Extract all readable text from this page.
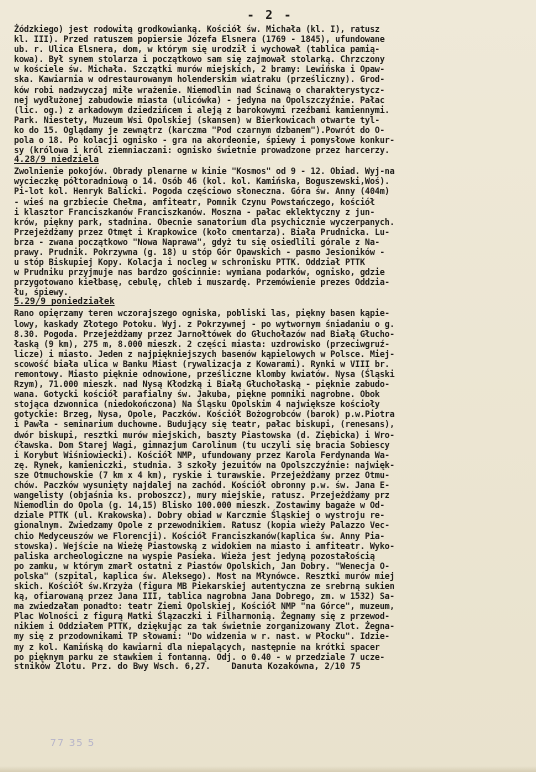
- 2 -

Żódzkiego) jest rodowitą grodkowianką. Kościół św. Michała (kl. I), ratusz
kl. III). Przed ratuszem popiersie Józefa Elsnera (1769 - 1845), ufundowane
ub. r. Ulica Elsnera, dom, w którym się urodził i wychował (tablica pamią-
kowa). Był synem stolarza i początkowo sam się zajmował stolarką. Chrzczony
w kościele św. Michała. Szczątki murów miejskich, 2 bramy: Lewińska i Opaw-
ska. Kawiarnia w odrestaurowanym holenderskim wiatraku (prześliczny). Grod-
ków robi nadzwyczaj miłe wrażenie. Niemodlin nad Ścinawą o charakterystycz-
nej wydłużonej zabudowie miasta (ulicówka) - jedyna na Opolszczyźnie. Pałac
(lic. og.) z arkadowym dziedzińcem i aleją z barokowymi rzeźbami kamiennymi.
Park. Niestety, Muzeum Wsi Opolskiej (skansen) w Bierkowicach otwarte tyl-
ko do 15. Oglądamy je zewnątrz (karczma "Pod czarnym dzbanem").Powrót do O-
pola o 18. Po kolacji ognisko - gra na akordeonie, śpiewy i pomysłowe konkur-
sy (królowa i król ziemniaczani: ognisko świetnie prowadzone przez harcerzy.

4.28/9 niedziela

Zwolnienie pokojów. Obrady plenarne w kinie "Kosmos" od 9 - 12. Obiad. Wyj-na
wycieczkę półtoradniową o 14. Osób 46 (kol. kol. Kamińska, Boguszewski,Woś).
Pi-lot kol. Henryk Balicki. Pogoda częściowo słoneczna. Góra św. Anny (404m)
- wieś na grzbiecie Chełma, amfiteatr, Pomnik Czynu Powstańczego, kościół
i klasztor Franciszkanów Franciszkanów. Mosznа - pałac eklektyczny z jun-
krów, piękny park, stadnina. Obecnie sanatorium dla psychicznie wyczerpanych.
Przejeżdżamy przez Otmęt i Krapkowice (koło cmentarza). Biała Prudnicka. Lu-
brza - zwana początkowo "Nowa Naprawa", gdyż tu się osiedlili górale z Na-
prawy. Prudnik. Pokrzywna (g. 18) u stóp Gór Opawskich - pasmo Jesioników -
u stóp Biskupiej Kopy. Kolacja i nocleg w schronisku PTTK. Oddział PTTK
w Prudniku przyjmuje nas bardzo gościnnie: wymiana podarków, ognisko, gdzie
przygotowano kiełbasę, cebulę, chleb i muszardę. Przemówienie prezes Oddzia-
łu, śpiewy.

5.29/9 poniedziałek

Rano opięrzamy teren wczorajszego ogniska, pobliski las, piękny basen kąpie-
lowy, kaskady Złotego Potoku. Wyj. z Pokrzywnej - po wytwornym śniadaniu o g.
8.30. Pogoda. Przejeżdżamy przez Jarnołtówek do Głuchołazów nad Białą Głucho-
łaską (9 km), 275 m, 8.000 mieszk. 2 części miasta: uzdrowisko (przeciwgruź-
licze) i miasto. Jeden z najpiękniejszych basenów kąpielowych w Polsce. Miej-
scowość biała ulica w Banku Miast (rywalizacja z Kowarami). Rynki w VIII br.
remontowy. Miasto pięknie odnowione, prześliczne klomby kwiatów. Nysa (Śląski
Rzym), 71.000 mieszk. nad Nysą Kłodzką i Białą Głuchołaską - pięknie zabudo-
wana. Gotycki kościół parafialny św. Jakuba, piękne pomniki nagrobne. Obok
stojąca dzwonnica (niedokończona) Na Śląsku Opolskim 4 największe kościoły
gotyckie: Brzeg, Nysa, Opole, Paczków. Kościół Bożogrobców (barok) p.w.Piotra
i Pawła - seminarium duchowne. Budujący się teatr, pałac biskupi, (renesans),
dwór biskupi, resztki murów miejskich, baszty Piastowska (d. Ziębicka) i Wro-
ćławska. Dom Starej Wagi, gimnazjum Carolinum (tu uczyli się bracia Sobiescy
i Korybut Wiśniowiecki). Kościół NMP, ufundowany przez Karola Ferdynanda Wa-
zę. Rynek, kamieniczki, studnia. 3 szkoły jezuitów na Opolszczyźnie: najwięk-
sze Otmuchowskie (7 km x 4 km), ryskie i turawskie. Przejeżdżamy przez Otmu-
chów. Paczków wysunięty najdalej na zachód. Kościół obronny p.w. św. Jana E-
wangelisty (objaśnia ks. proboszcz), mury miejskie, ratusz. Przejeżdżamy prz
Niemodlin do Opola (g. 14,15) Blisko 100.000 mieszk. Zostawimy bagaże w Od-
dziale PTTK (ul. Krakowska). Dobry obiad w Karczmie Śląskiej o wystroju re-
gionalnym. Zwiedzamy Opole z przewodnikiem. Ratusz (kopia wieży Palazzo Vec-
chio Medyceuszów we Florencji). Kościół Franciszkanów(kaplica św. Anny Pia-
stowska). Wejście na Wieżę Piastowską z widokiem na miasto i amfiteatr. Wyko-
paliska archeologiczne na wyspie Pasieka. Wieża jest jedyną pozostałością
po zamku, w którym zmarł ostatni z Piastów Opolskich, Jan Dobry. "Wenecja O-
polska" (szpital, kaplica św. Aleksego). Most na Młynówce. Resztki murów miej
skich. Kościół św.Krzyża (figura MB Piekarskiej autentyczna ze srebrną sukien
ką, ofiarowaną przez Jana III, tablica nagrobna Jana Dobrego, zm. w 1532) Sa-
ma zwiedzałam ponadto: teatr Ziemi Opolskiej, Kościół NMP "na Górce", muzeum,
Plac Wolności z figurą Matki Ślązaczki i Filharmonią. Żegnamy się z przewod-
nikiem i Oddziałem PTTK, dziękując za tak świetnie zorganizowany Zlot. Żegna-
my się z przodownikami TP słowami: "Do widzenia w r. nast. w Płocku". Idzie-
my z kol. Kamińską do kawiarni dla niepalących, następnie na krótki spacer
po pięknym parku ze stawkiem i fontanną. Odj. o 0.40 - w przedziale 7 ucze-

stników Zlotu. Prz. do Bwy Wsch. 6,27. Danuta Kozakówna, 2/10 75

77 35 5
